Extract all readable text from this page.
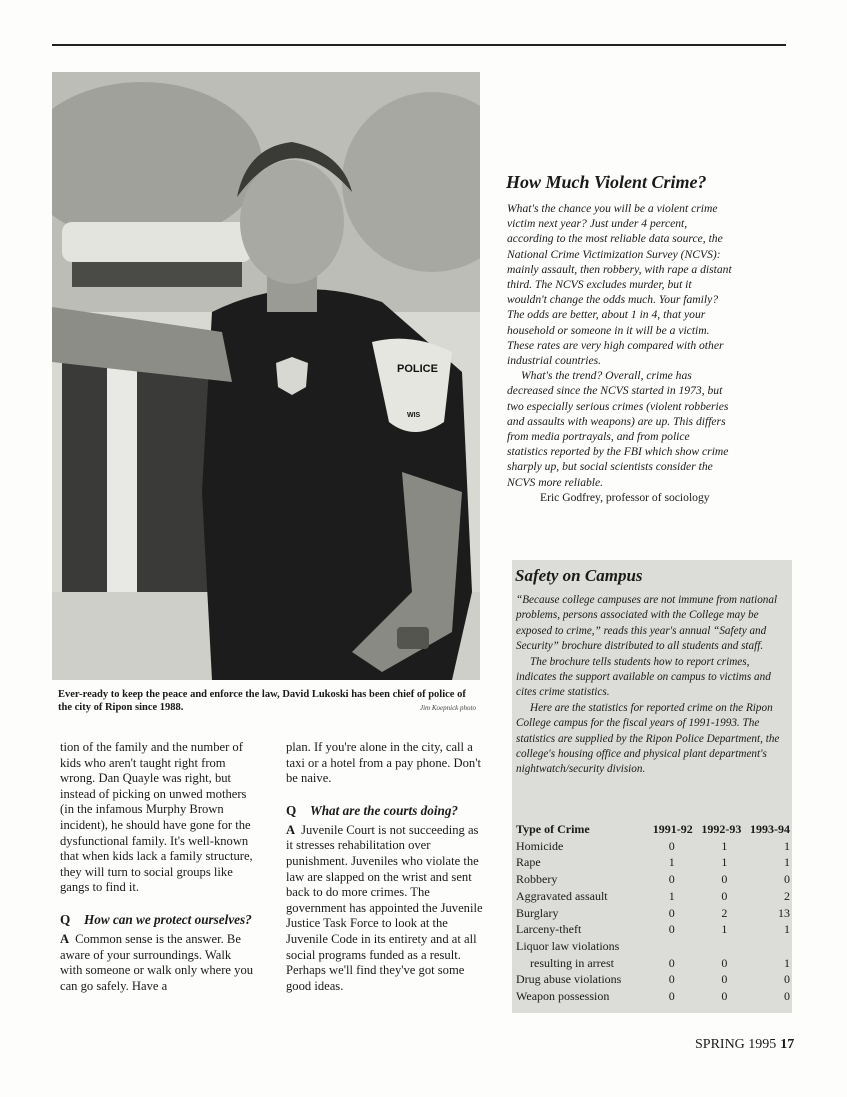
POLICE
WIS
Ever-ready to keep the peace and enforce the law, David Lukoski has been chief of police of the city of Ripon since 1988.	Jim Koepnick photo

tion of the family and the number of kids who aren't taught right from wrong. Dan Quayle was right, but instead of picking on unwed mothers (in the infamous Murphy Brown incident), he should have gone for the dysfunctional family. It's well-known that when kids lack a family structure, they will turn to social groups like gangs to find it.

Q How can we protect ourselves?

A Common sense is the answer. Be aware of your surroundings. Walk with someone or walk only where you can go safely. Have a

plan. If you're alone in the city, call a taxi or a hotel from a pay phone. Don't be naive.

Q What are the courts doing?

A Juvenile Court is not succeeding as it stresses rehabilitation over punishment. Juveniles who violate the law are slapped on the wrist and sent back to do more crimes. The government has appointed the Juvenile Justice Task Force to look at the Juvenile Code in its entirety and at all social programs funded as a result. Perhaps we'll find they've got some good ideas.

How Much Violent Crime?

What's the chance you will be a violent crime victim next year? Just under 4 percent, according to the most reliable data source, the National Crime Victimization Survey (NCVS): mainly assault, then robbery, with rape a distant third. The NCVS excludes murder, but it wouldn't change the odds much. Your family? The odds are better, about 1 in 4, that your household or someone in it will be a victim. These rates are very high compared with other industrial countries.

What's the trend? Overall, crime has decreased since the NCVS started in 1973, but two especially serious crimes (violent robberies and assaults with weapons) are up. This differs from media portrayals, and from police statistics reported by the FBI which show crime sharply up, but social scientists consider the NCVS more reliable.

Eric Godfrey, professor of sociology

Safety on Campus

“Because college campuses are not immune from national problems, persons associated with the College may be exposed to crime,” reads this year's annual “Safety and Security” brochure distributed to all students and staff.

The brochure tells students how to report crimes, indicates the support available on campus to victims and cites crime statistics.

Here are the statistics for reported crime on the Ripon College campus for the fiscal years of 1991-1993. The statistics are supplied by the Ripon Police Department, the college's housing office and physical plant department's nightwatch/security division.

Type of Crime	1991-92	1992-93	1993-94
Homicide	0	1	1
Rape	1	1	1
Robbery	0	0	0
Aggravated assault	1	0	2
Burglary	0	2	13
Larceny-theft	0	1	1
Liquor law violations			
resulting in arrest	0	0	1
Drug abuse violations	0	0	0
Weapon possession	0	0	0
SPRING 1995 17
